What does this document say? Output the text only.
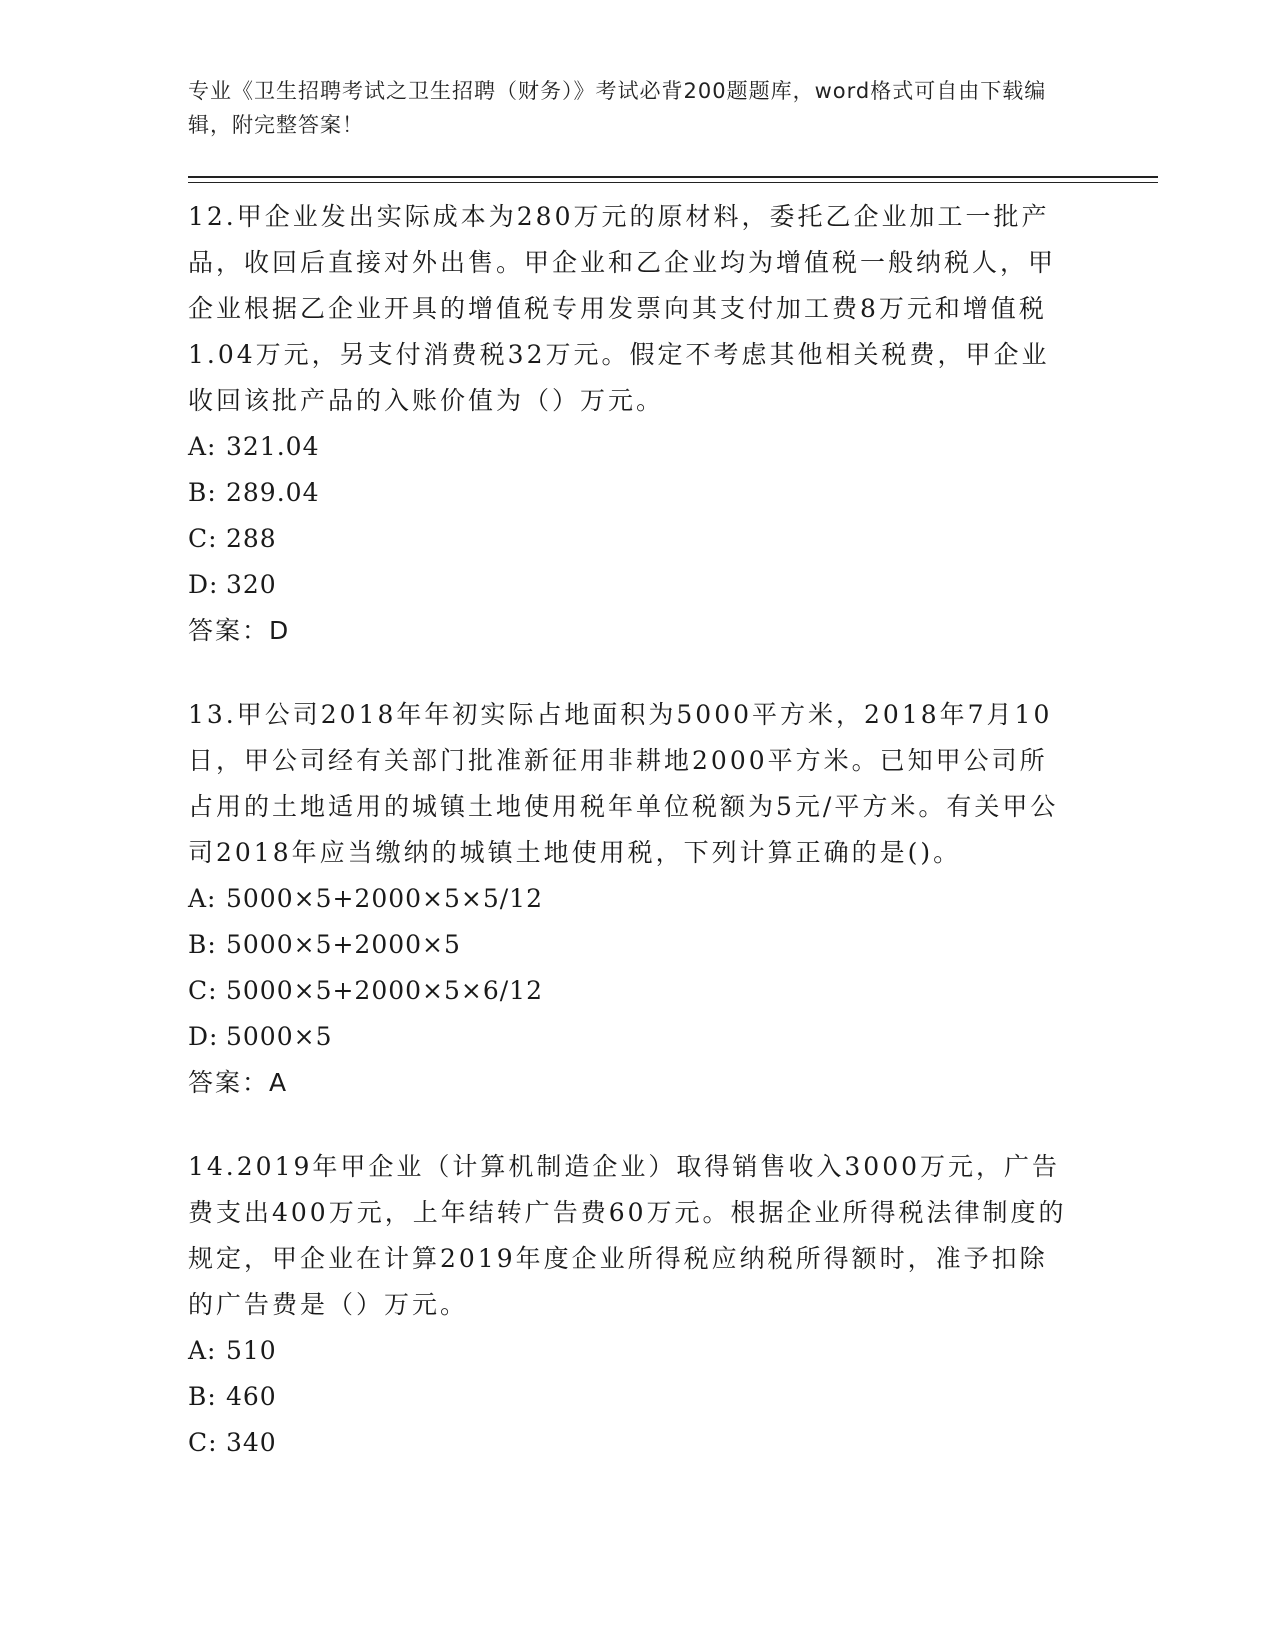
专业《卫生招聘考试之卫生招聘（财务）》考试必背200题题库，word格式可自由下载编辑，附完整答案！
12.甲企业发出实际成本为280万元的原材料，委托乙企业加工一批产品，收回后直接对外出售。甲企业和乙企业均为增值税一般纳税人，甲企业根据乙企业开具的增值税专用发票向其支付加工费8万元和增值税1.04万元，另支付消费税32万元。假定不考虑其他相关税费，甲企业收回该批产品的入账价值为（）万元。
A: 321.04
B: 289.04
C: 288
D: 320
答案：D
13.甲公司2018年年初实际占地面积为5000平方米，2018年7月10日，甲公司经有关部门批准新征用非耕地2000平方米。已知甲公司所占用的土地适用的城镇土地使用税年单位税额为5元/平方米。有关甲公司2018年应当缴纳的城镇土地使用税，下列计算正确的是()。
A: 5000×5+2000×5×5/12
B: 5000×5+2000×5
C: 5000×5+2000×5×6/12
D: 5000×5
答案：A
14.2019年甲企业（计算机制造企业）取得销售收入3000万元，广告费支出400万元，上年结转广告费60万元。根据企业所得税法律制度的规定，甲企业在计算2019年度企业所得税应纳税所得额时，准予扣除的广告费是（）万元。
A: 510
B: 460
C: 340
